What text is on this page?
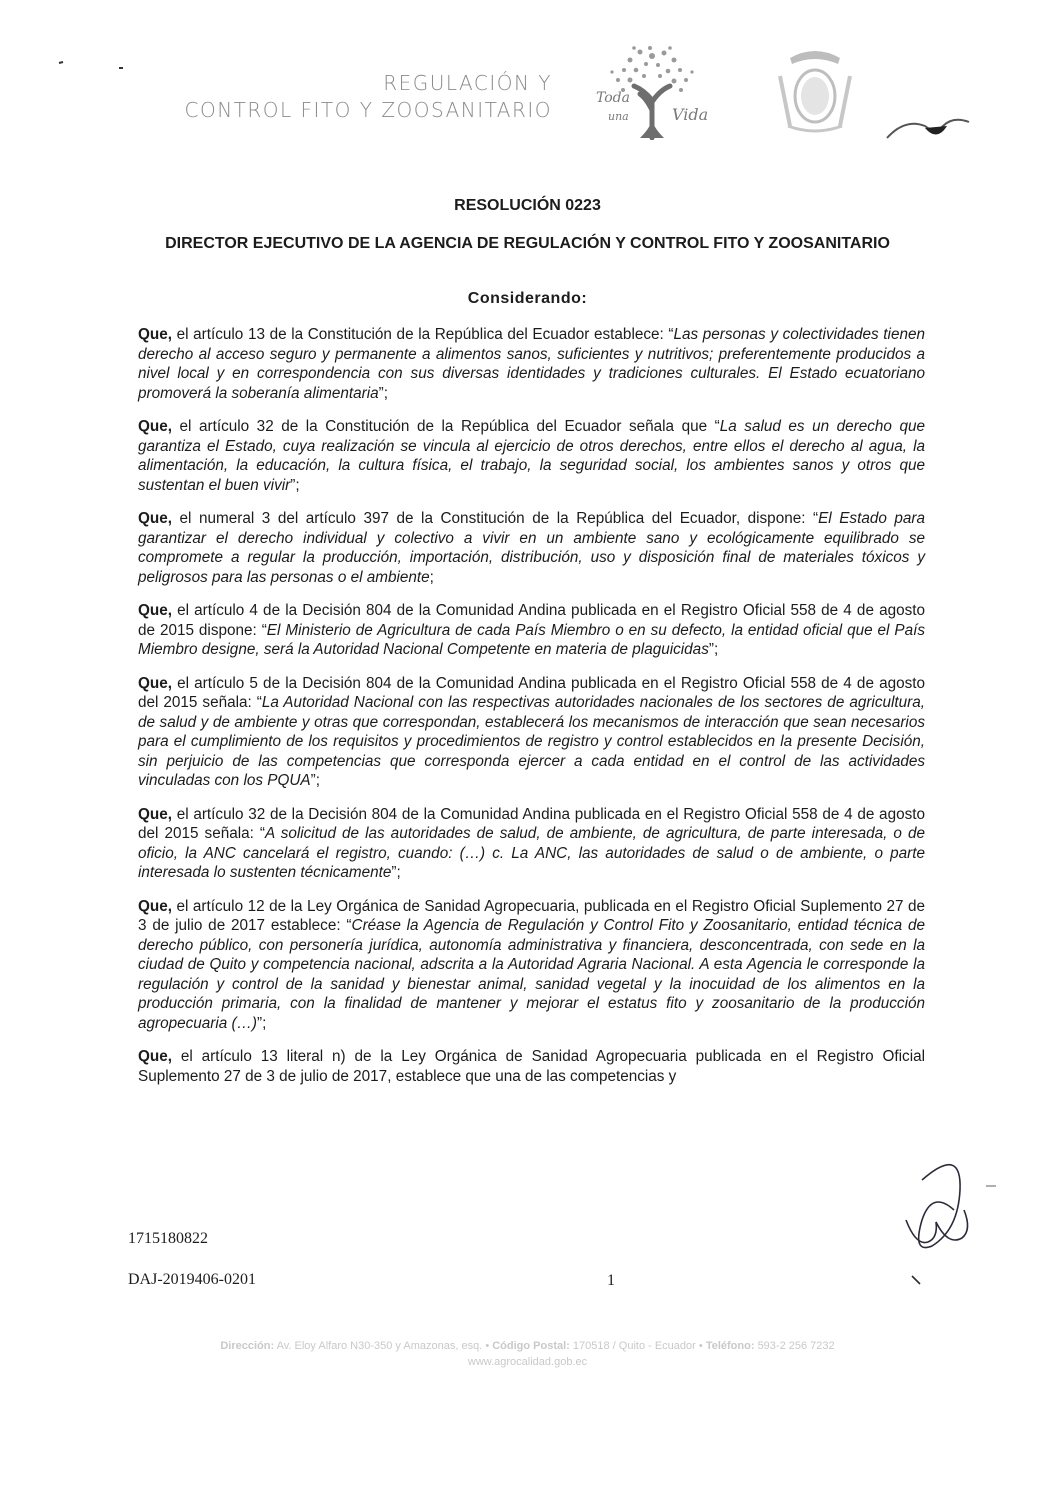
REGULACIÓN Y
CONTROL FITO Y ZOOSANITARIO	Toda
una	Vida
RESOLUCIÓN 0223
DIRECTOR EJECUTIVO DE LA AGENCIA DE REGULACIÓN Y CONTROL FITO Y ZOOSANITARIO
Considerando:

Que, el artículo 13 de la Constitución de la República del Ecuador establece: “Las personas y colectividades tienen derecho al acceso seguro y permanente a alimentos sanos, suficientes y nutritivos; preferentemente producidos a nivel local y en correspondencia con sus diversas identidades y tradiciones culturales. El Estado ecuatoriano promoverá la soberanía alimentaria”;

Que, el artículo 32 de la Constitución de la República del Ecuador señala que “La salud es un derecho que garantiza el Estado, cuya realización se vincula al ejercicio de otros derechos, entre ellos el derecho al agua, la alimentación, la educación, la cultura física, el trabajo, la seguridad social, los ambientes sanos y otros que sustentan el buen vivir”;

Que, el numeral 3 del artículo 397 de la Constitución de la República del Ecuador, dispone: “El Estado para garantizar el derecho individual y colectivo a vivir en un ambiente sano y ecológicamente equilibrado se compromete a regular la producción, importación, distribución, uso y disposición final de materiales tóxicos y peligrosos para las personas o el ambiente;

Que, el artículo 4 de la Decisión 804 de la Comunidad Andina publicada en el Registro Oficial 558 de 4 de agosto de 2015 dispone: “El Ministerio de Agricultura de cada País Miembro o en su defecto, la entidad oficial que el País Miembro designe, será la Autoridad Nacional Competente en materia de plaguicidas”;

Que, el artículo 5 de la Decisión 804 de la Comunidad Andina publicada en el Registro Oficial 558 de 4 de agosto del 2015 señala: “La Autoridad Nacional con las respectivas autoridades nacionales de los sectores de agricultura, de salud y de ambiente y otras que correspondan, establecerá los mecanismos de interacción que sean necesarios para el cumplimiento de los requisitos y procedimientos de registro y control establecidos en la presente Decisión, sin perjuicio de las competencias que corresponda ejercer a cada entidad en el control de las actividades vinculadas con los PQUA”;

Que, el artículo 32 de la Decisión 804 de la Comunidad Andina publicada en el Registro Oficial 558 de 4 de agosto del 2015 señala: “A solicitud de las autoridades de salud, de ambiente, de agricultura, de parte interesada, o de oficio, la ANC cancelará el registro, cuando: (…) c. La ANC, las autoridades de salud o de ambiente, o parte interesada lo sustenten técnicamente”;

Que, el artículo 12 de la Ley Orgánica de Sanidad Agropecuaria, publicada en el Registro Oficial Suplemento 27 de 3 de julio de 2017 establece: “Créase la Agencia de Regulación y Control Fito y Zoosanitario, entidad técnica de derecho público, con personería jurídica, autonomía administrativa y financiera, desconcentrada, con sede en la ciudad de Quito y competencia nacional, adscrita a la Autoridad Agraria Nacional. A esta Agencia le corresponde la regulación y control de la sanidad y bienestar animal, sanidad vegetal y la inocuidad de los alimentos en la producción primaria, con la finalidad de mantener y mejorar el estatus fito y zoosanitario de la producción agropecuaria (…)”;

Que, el artículo 13 literal n) de la Ley Orgánica de Sanidad Agropecuaria publicada en el Registro Oficial Suplemento 27 de 3 de julio de 2017, establece que una de las competencias y

1715180822
DAJ-2019406-0201	1
Dirección: Av. Eloy Alfaro N30-350 y Amazonas, esq. • Código Postal: 170518 / Quito - Ecuador • Teléfono: 593-2 256 7232
www.agrocalidad.gob.ec
